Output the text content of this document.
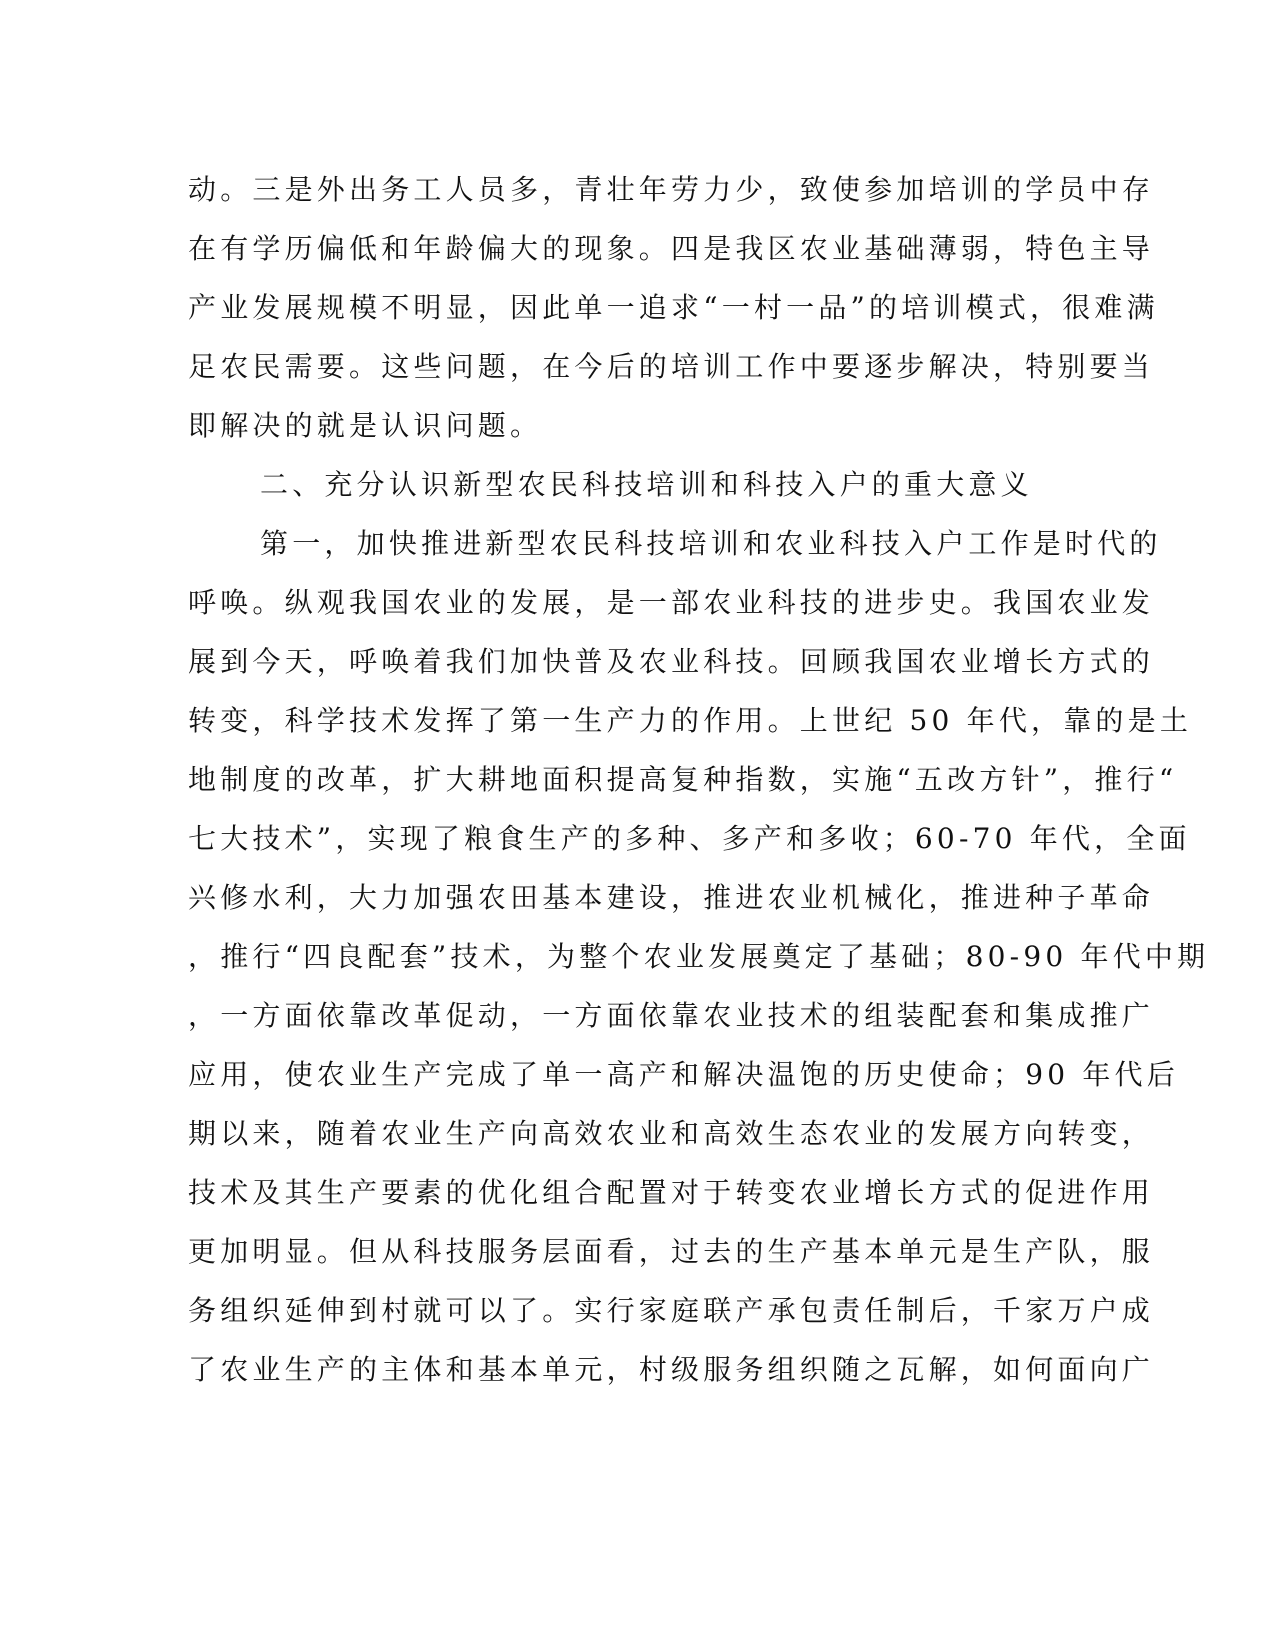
动。三是外出务工人员多，青壮年劳力少，致使参加培训的学员中存
在有学历偏低和年龄偏大的现象。四是我区农业基础薄弱，特色主导
产业发展规模不明显，因此单一追求“一村一品”的培训模式，很难满
足农民需要。这些问题，在今后的培训工作中要逐步解决，特别要当
即解决的就是认识问题。
二、充分认识新型农民科技培训和科技入户的重大意义
第一，加快推进新型农民科技培训和农业科技入户工作是时代的
呼唤。纵观我国农业的发展，是一部农业科技的进步史。我国农业发
展到今天，呼唤着我们加快普及农业科技。回顾我国农业增长方式的
转变，科学技术发挥了第一生产力的作用。上世纪 50 年代，靠的是土
地制度的改革，扩大耕地面积提高复种指数，实施“五改方针”，推行“
七大技术”，实现了粮食生产的多种、多产和多收；60-70 年代，全面
兴修水利，大力加强农田基本建设，推进农业机械化，推进种子革命
，推行“四良配套”技术，为整个农业发展奠定了基础；80-90 年代中期
，一方面依靠改革促动，一方面依靠农业技术的组装配套和集成推广
应用，使农业生产完成了单一高产和解决温饱的历史使命；90 年代后
期以来，随着农业生产向高效农业和高效生态农业的发展方向转变，
技术及其生产要素的优化组合配置对于转变农业增长方式的促进作用
更加明显。但从科技服务层面看，过去的生产基本单元是生产队，服
务组织延伸到村就可以了。实行家庭联产承包责任制后，千家万户成
了农业生产的主体和基本单元，村级服务组织随之瓦解，如何面向广
